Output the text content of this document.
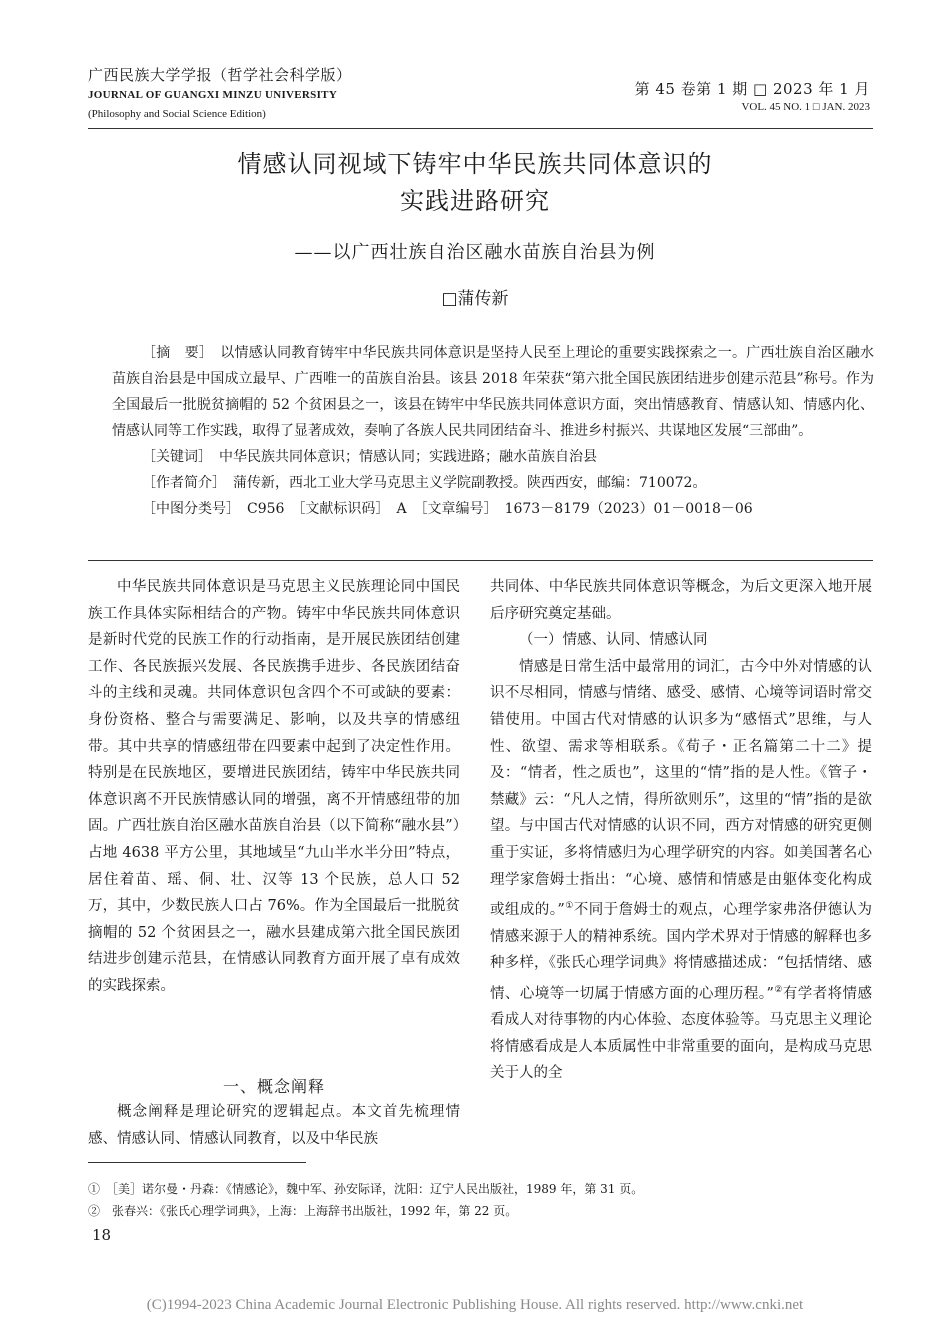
广西民族大学学报（哲学社会科学版）
JOURNAL OF GUANGXI MINZU UNIVERSITY
(Philosophy and Social Science Edition)
第 45 卷第 1 期 □ 2023 年 1 月
VOL. 45 NO. 1 □ JAN. 2023
情感认同视域下铸牢中华民族共同体意识的
实践进路研究
——以广西壮族自治区融水苗族自治县为例
□蒲传新

［摘　要］　 以情感认同教育铸牢中华民族共同体意识是坚持人民至上理论的重要实践探索之一。广西壮族自治区融水苗族自治县是中国成立最早、广西唯一的苗族自治县。该县 2018 年荣获“第六批全国民族团结进步创建示范县”称号。作为全国最后一批脱贫摘帽的 52 个贫困县之一，该县在铸牢中华民族共同体意识方面，突出情感教育、情感认知、情感内化、情感认同等工作实践，取得了显著成效，奏响了各族人民共同团结奋斗、推进乡村振兴、共谋地区发展“三部曲”。

［关键词］　 中华民族共同体意识；情感认同；实践进路；融水苗族自治县

［作者简介］　 蒲传新，西北工业大学马克思主义学院副教授。陕西西安，邮编：710072。

［中图分类号］　 C956　 ［文献标识码］　 A　 ［文章编号］　 1673－8179（2023）01－0018－06

中华民族共同体意识是马克思主义民族理论同中国民族工作具体实际相结合的产物。铸牢中华民族共同体意识是新时代党的民族工作的行动指南，是开展民族团结创建工作、各民族振兴发展、各民族携手进步、各民族团结奋斗的主线和灵魂。共同体意识包含四个不可或缺的要素：身份资格、整合与需要满足、影响，以及共享的情感纽带。其中共享的情感纽带在四要素中起到了决定性作用。特别是在民族地区，要增进民族团结，铸牢中华民族共同体意识离不开民族情感认同的增强，离不开情感纽带的加固。广西壮族自治区融水苗族自治县（以下简称“融水县”）占地 4638 平方公里，其地域呈“九山半水半分田”特点，居住着苗、瑶、侗、壮、汉等 13 个民族，总人口 52 万，其中，少数民族人口占 76%。作为全国最后一批脱贫摘帽的 52 个贫困县之一，融水县建成第六批全国民族团结进步创建示范县，在情感认同教育方面开展了卓有成效的实践探索。

一、概念阐释

概念阐释是理论研究的逻辑起点。本文首先梳理情感、情感认同、情感认同教育，以及中华民族

共同体、中华民族共同体意识等概念，为后文更深入地开展后序研究奠定基础。

（一）情感、认同、情感认同

情感是日常生活中最常用的词汇，古今中外对情感的认识不尽相同，情感与情绪、感受、感情、心境等词语时常交错使用。中国古代对情感的认识多为“感悟式”思维，与人性、欲望、需求等相联系。《荀子・正名篇第二十二》提及：“情者，性之质也”，这里的“情”指的是人性。《管子・禁藏》云：“凡人之情，得所欲则乐”，这里的“情”指的是欲望。与中国古代对情感的认识不同，西方对情感的研究更侧重于实证，多将情感归为心理学研究的内容。如美国著名心理学家詹姆士指出：“心境、感情和情感是由躯体变化构成或组成的。”①不同于詹姆士的观点，心理学家弗洛伊德认为情感来源于人的精神系统。国内学术界对于情感的解释也多种多样，《张氏心理学词典》将情感描述成：“包括情绪、感情、心境等一切属于情感方面的心理历程。”②有学者将情感看成人对待事物的内心体验、态度体验等。马克思主义理论将情感看成是人本质属性中非常重要的面向，是构成马克思关于人的全

①　［美］诺尔曼・丹森：《情感论》，魏中军、孙安际译，沈阳：辽宁人民出版社，1989 年，第 31 页。
②　张春兴：《张氏心理学词典》，上海：上海辞书出版社，1992 年，第 22 页。
18
(C)1994-2023 China Academic Journal Electronic Publishing House. All rights reserved. http://www.cnki.net
